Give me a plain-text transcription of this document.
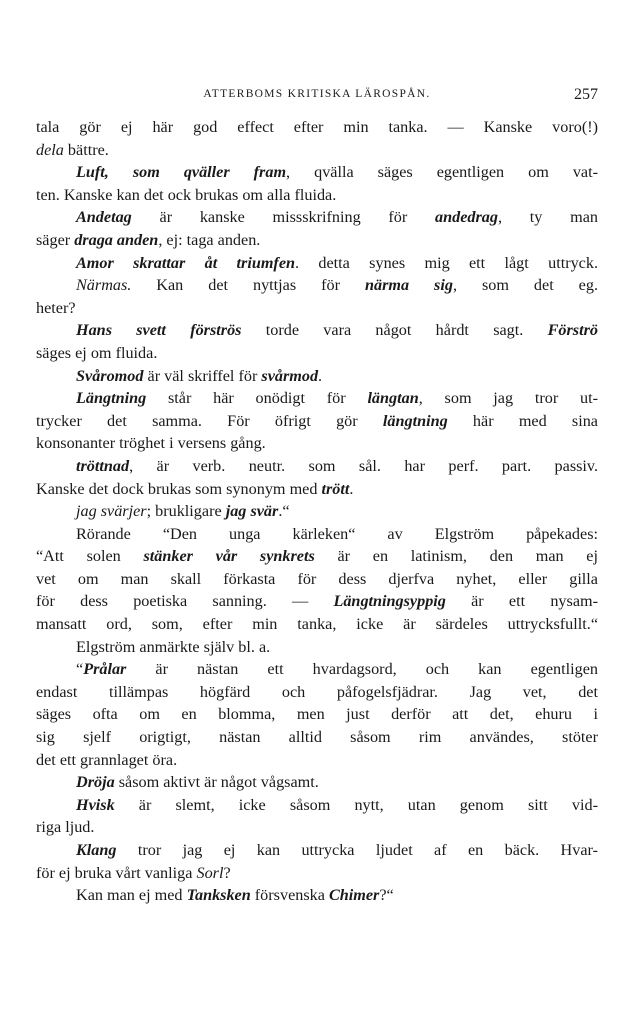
ATTERBOMS KRITISKA LÄROSPÅN.	257
tala gör ej här god effect efter min tanka. — Kanske voro(!)
dela bättre.
Luft, som qväller fram, qvälla säges egentligen om vat-
ten. Kanske kan det ock brukas om alla fluida.
Andetag är kanske missskrifning för andedrag, ty man
säger draga anden, ej: taga anden.
Amor skrattar åt triumfen. detta synes mig ett lågt uttryck.
Närmas. Kan det nyttjas för närma sig, som det eg.
heter?
Hans svett förströs torde vara något hårdt sagt. Förströ
säges ej om fluida.
Svåromod är väl skriffel för svårmod.
Längtning står här onödigt för längtan, som jag tror ut-
trycker det samma. För öfrigt gör längtning här med sina
konsonanter tröghet i versens gång.
tröttnad, är verb. neutr. som sål. har perf. part. passiv.
Kanske det dock brukas som synonym med trött.
jag svärjer; brukligare jag svär.“
Rörande “Den unga kärleken“ av Elgström påpekades:
“Att solen stänker vår synkrets är en latinism, den man ej
vet om man skall förkasta för dess djerfva nyhet, eller gilla
för dess poetiska sanning. — Längtningsyppig är ett nysam-
mansatt ord, som, efter min tanka, icke är särdeles uttrycksfullt.“
Elgström anmärkte själv bl. a.
“Prålar är nästan ett hvardagsord, och kan egentligen
endast tillämpas högfärd och påfogelsfjädrar. Jag vet, det
säges ofta om en blomma, men just derför att det, ehuru i
sig sjelf origtigt, nästan alltid såsom rim användes, stöter
det ett grannlaget öra.
Dröja såsom aktivt är något vågsamt.
Hvisk är slemt, icke såsom nytt, utan genom sitt vid-
riga ljud.
Klang tror jag ej kan uttrycka ljudet af en bäck. Hvar-
för ej bruka vårt vanliga Sorl?
Kan man ej med Tanksken försvenska Chimer?“
